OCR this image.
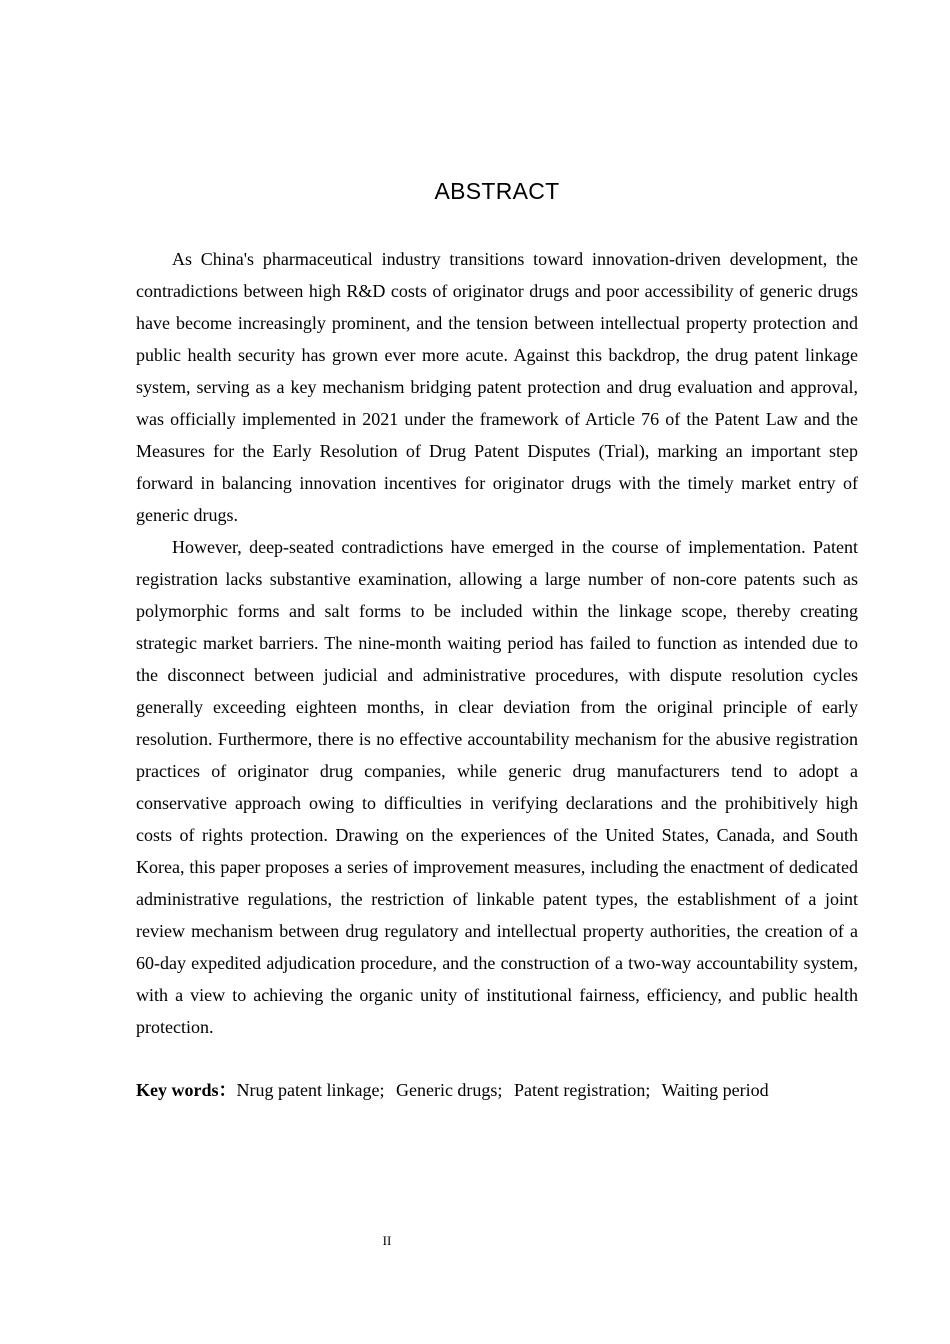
ABSTRACT

As China's pharmaceutical industry transitions toward innovation-driven development, the contradictions between high R&D costs of originator drugs and poor accessibility of generic drugs have become increasingly prominent, and the tension between intellectual property protection and public health security has grown ever more acute. Against this backdrop, the drug patent linkage system, serving as a key mechanism bridging patent protection and drug evaluation and approval, was officially implemented in 2021 under the framework of Article 76 of the Patent Law and the Measures for the Early Resolution of Drug Patent Disputes (Trial), marking an important step forward in balancing innovation incentives for originator drugs with the timely market entry of generic drugs.

However, deep-seated contradictions have emerged in the course of implementation. Patent registration lacks substantive examination, allowing a large number of non-core patents such as polymorphic forms and salt forms to be included within the linkage scope, thereby creating strategic market barriers. The nine-month waiting period has failed to function as intended due to the disconnect between judicial and administrative procedures, with dispute resolution cycles generally exceeding eighteen months, in clear deviation from the original principle of early resolution. Furthermore, there is no effective accountability mechanism for the abusive registration practices of originator drug companies, while generic drug manufacturers tend to adopt a conservative approach owing to difficulties in verifying declarations and the prohibitively high costs of rights protection. Drawing on the experiences of the United States, Canada, and South Korea, this paper proposes a series of improvement measures, including the enactment of dedicated administrative regulations, the restriction of linkable patent types, the establishment of a joint review mechanism between drug regulatory and intellectual property authorities, the creation of a 60-day expedited adjudication procedure, and the construction of a two-way accountability system, with a view to achieving the organic unity of institutional fairness, efficiency, and public health protection.

Key words：Nrug patent linkage; Generic drugs; Patent registration; Waiting period
II
